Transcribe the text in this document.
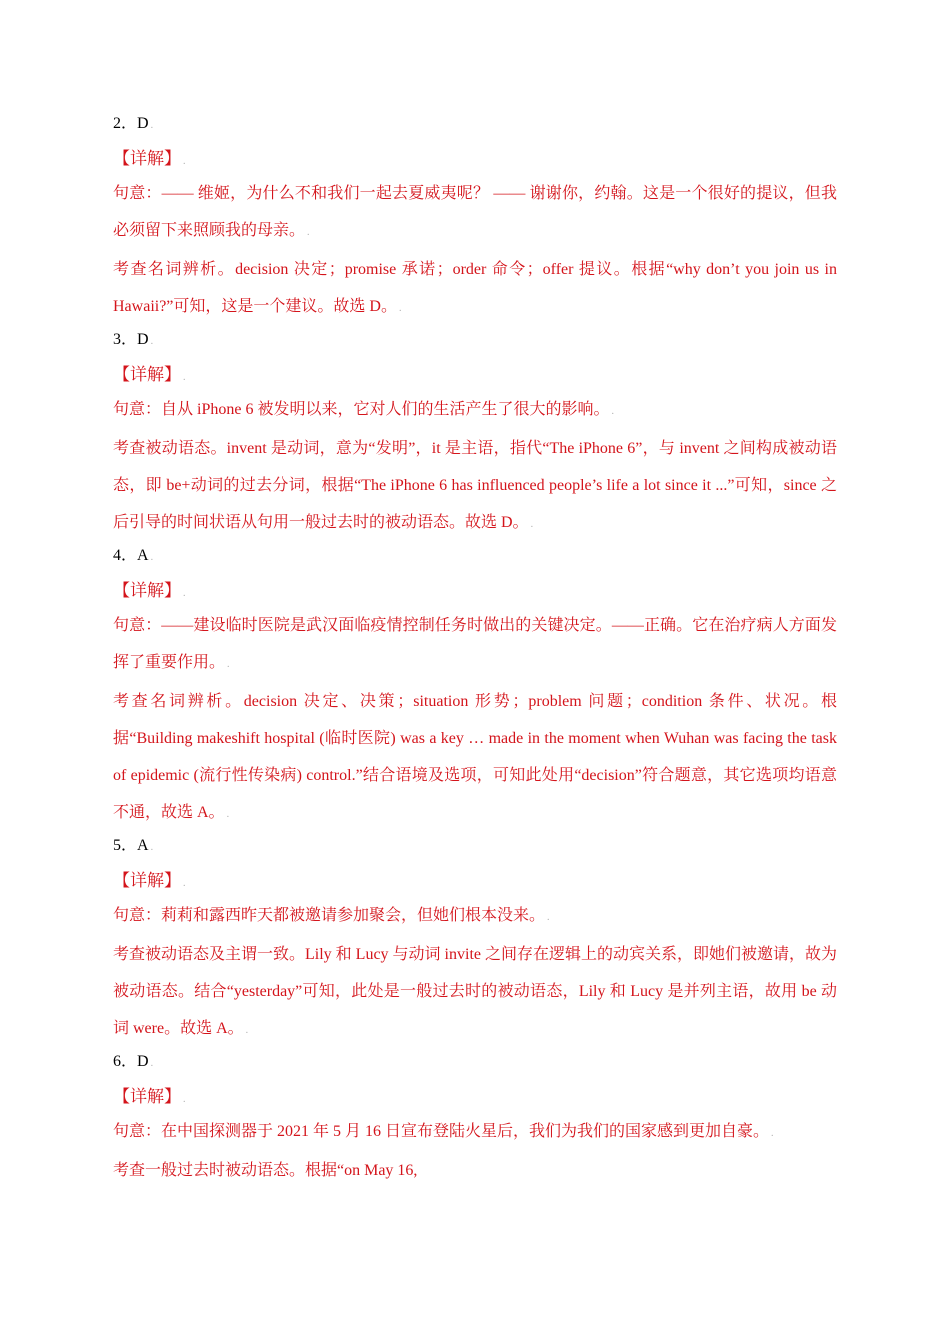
2．D .
【详解】 .
句意：—— 维姬，为什么不和我们一起去夏威夷呢？ —— 谢谢你，约翰。这是一个很好的提议，但我必须留下来照顾我的母亲。 .
考查名词辨析。decision 决定；promise 承诺；order 命令；offer 提议。根据“why don’t you join us in Hawaii?”可知，这是一个建议。故选 D。 .
3．D .
【详解】 .
句意：自从 iPhone 6 被发明以来，它对人们的生活产生了很大的影响。 .
考查被动语态。invent 是动词，意为“发明”，it 是主语，指代“The iPhone 6”，与 invent 之间构成被动语态，即 be+动词的过去分词，根据“The iPhone 6 has influenced people’s life a lot since it ...”可知，since 之后引导的时间状语从句用一般过去时的被动语态。故选 D。 .
4．A .
【详解】 .
句意：——建设临时医院是武汉面临疫情控制任务时做出的关键决定。——正确。它在治疗病人方面发挥了重要作用。 .
考查名词辨析。decision 决定、决策；situation 形势；problem 问题；condition 条件、状况。根据“Building makeshift hospital (临时医院) was a key … made in the moment when Wuhan was facing the task of epidemic (流行性传染病) control.”结合语境及选项，可知此处用“decision”符合题意，其它选项均语意不通，故选 A。 .
5．A .
【详解】 .
句意：莉莉和露西昨天都被邀请参加聚会，但她们根本没来。 .
考查被动语态及主谓一致。Lily 和 Lucy 与动词 invite 之间存在逻辑上的动宾关系，即她们被邀请，故为被动语态。结合“yesterday”可知，此处是一般过去时的被动语态，Lily 和 Lucy 是并列主语，故用 be 动词 were。故选 A。 .
6．D .
【详解】 .
句意：在中国探测器于 2021 年 5 月 16 日宣布登陆火星后，我们为我们的国家感到更加自豪。 .
考查一般过去时被动语态。根据“on May 16,
